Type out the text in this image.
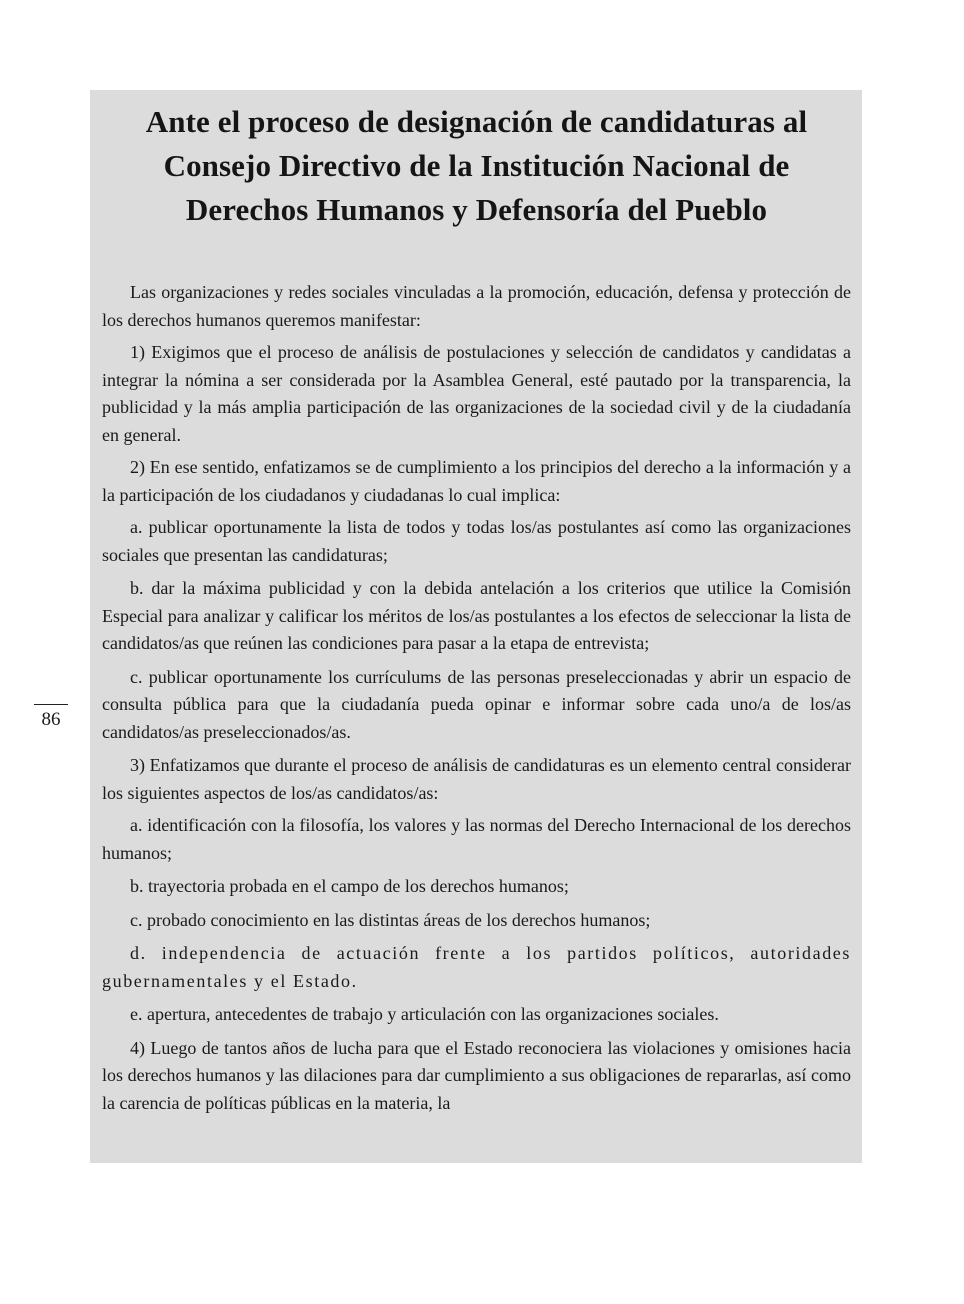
86
Ante el proceso de designación de candidaturas al Consejo Directivo de la Institución Nacional de Derechos Humanos y Defensoría del Pueblo

Las organizaciones y redes sociales vinculadas a la promoción, educación, defensa y protección de los derechos humanos queremos manifestar:

1) Exigimos que el proceso de análisis de postulaciones y selección de candidatos y candidatas a integrar la nómina a ser considerada por la Asamblea General, esté pautado por la transparencia, la publicidad y la más amplia participación de las organizaciones de la sociedad civil y de la ciudadanía en general.

2) En ese sentido, enfatizamos se de cumplimiento a los principios del derecho a la información y a la participación de los ciudadanos y ciudadanas lo cual implica:

a. publicar oportunamente la lista de todos y todas los/as postulantes así como las organizaciones sociales que presentan las candidaturas;

b. dar la máxima publicidad y con la debida antelación a los criterios que utilice la Comisión Especial para analizar y calificar los méritos de los/as postulantes a los efectos de seleccionar la lista de candidatos/as que reúnen las condiciones para pasar a la etapa de entrevista;

c. publicar oportunamente los currículums de las personas preseleccionadas y abrir un espacio de consulta pública para que la ciudadanía pueda opinar e informar sobre cada uno/a de los/as candidatos/as preseleccionados/as.

3) Enfatizamos que durante el proceso de análisis de candidaturas es un elemento central considerar los siguientes aspectos de los/as candidatos/as:

a. identificación con la filosofía, los valores y las normas del Derecho Internacional de los derechos humanos;

b. trayectoria probada en el campo de los derechos humanos;

c. probado conocimiento en las distintas áreas de los derechos humanos;

d. independencia de actuación frente a los partidos políticos, autoridades gubernamentales y el Estado.

e. apertura, antecedentes de trabajo y articulación con las organizaciones sociales.

4) Luego de tantos años de lucha para que el Estado reconociera las violaciones y omisiones hacia los derechos humanos y las dilaciones para dar cumplimiento a sus obligaciones de repararlas, así como la carencia de políticas públicas en la materia, la
